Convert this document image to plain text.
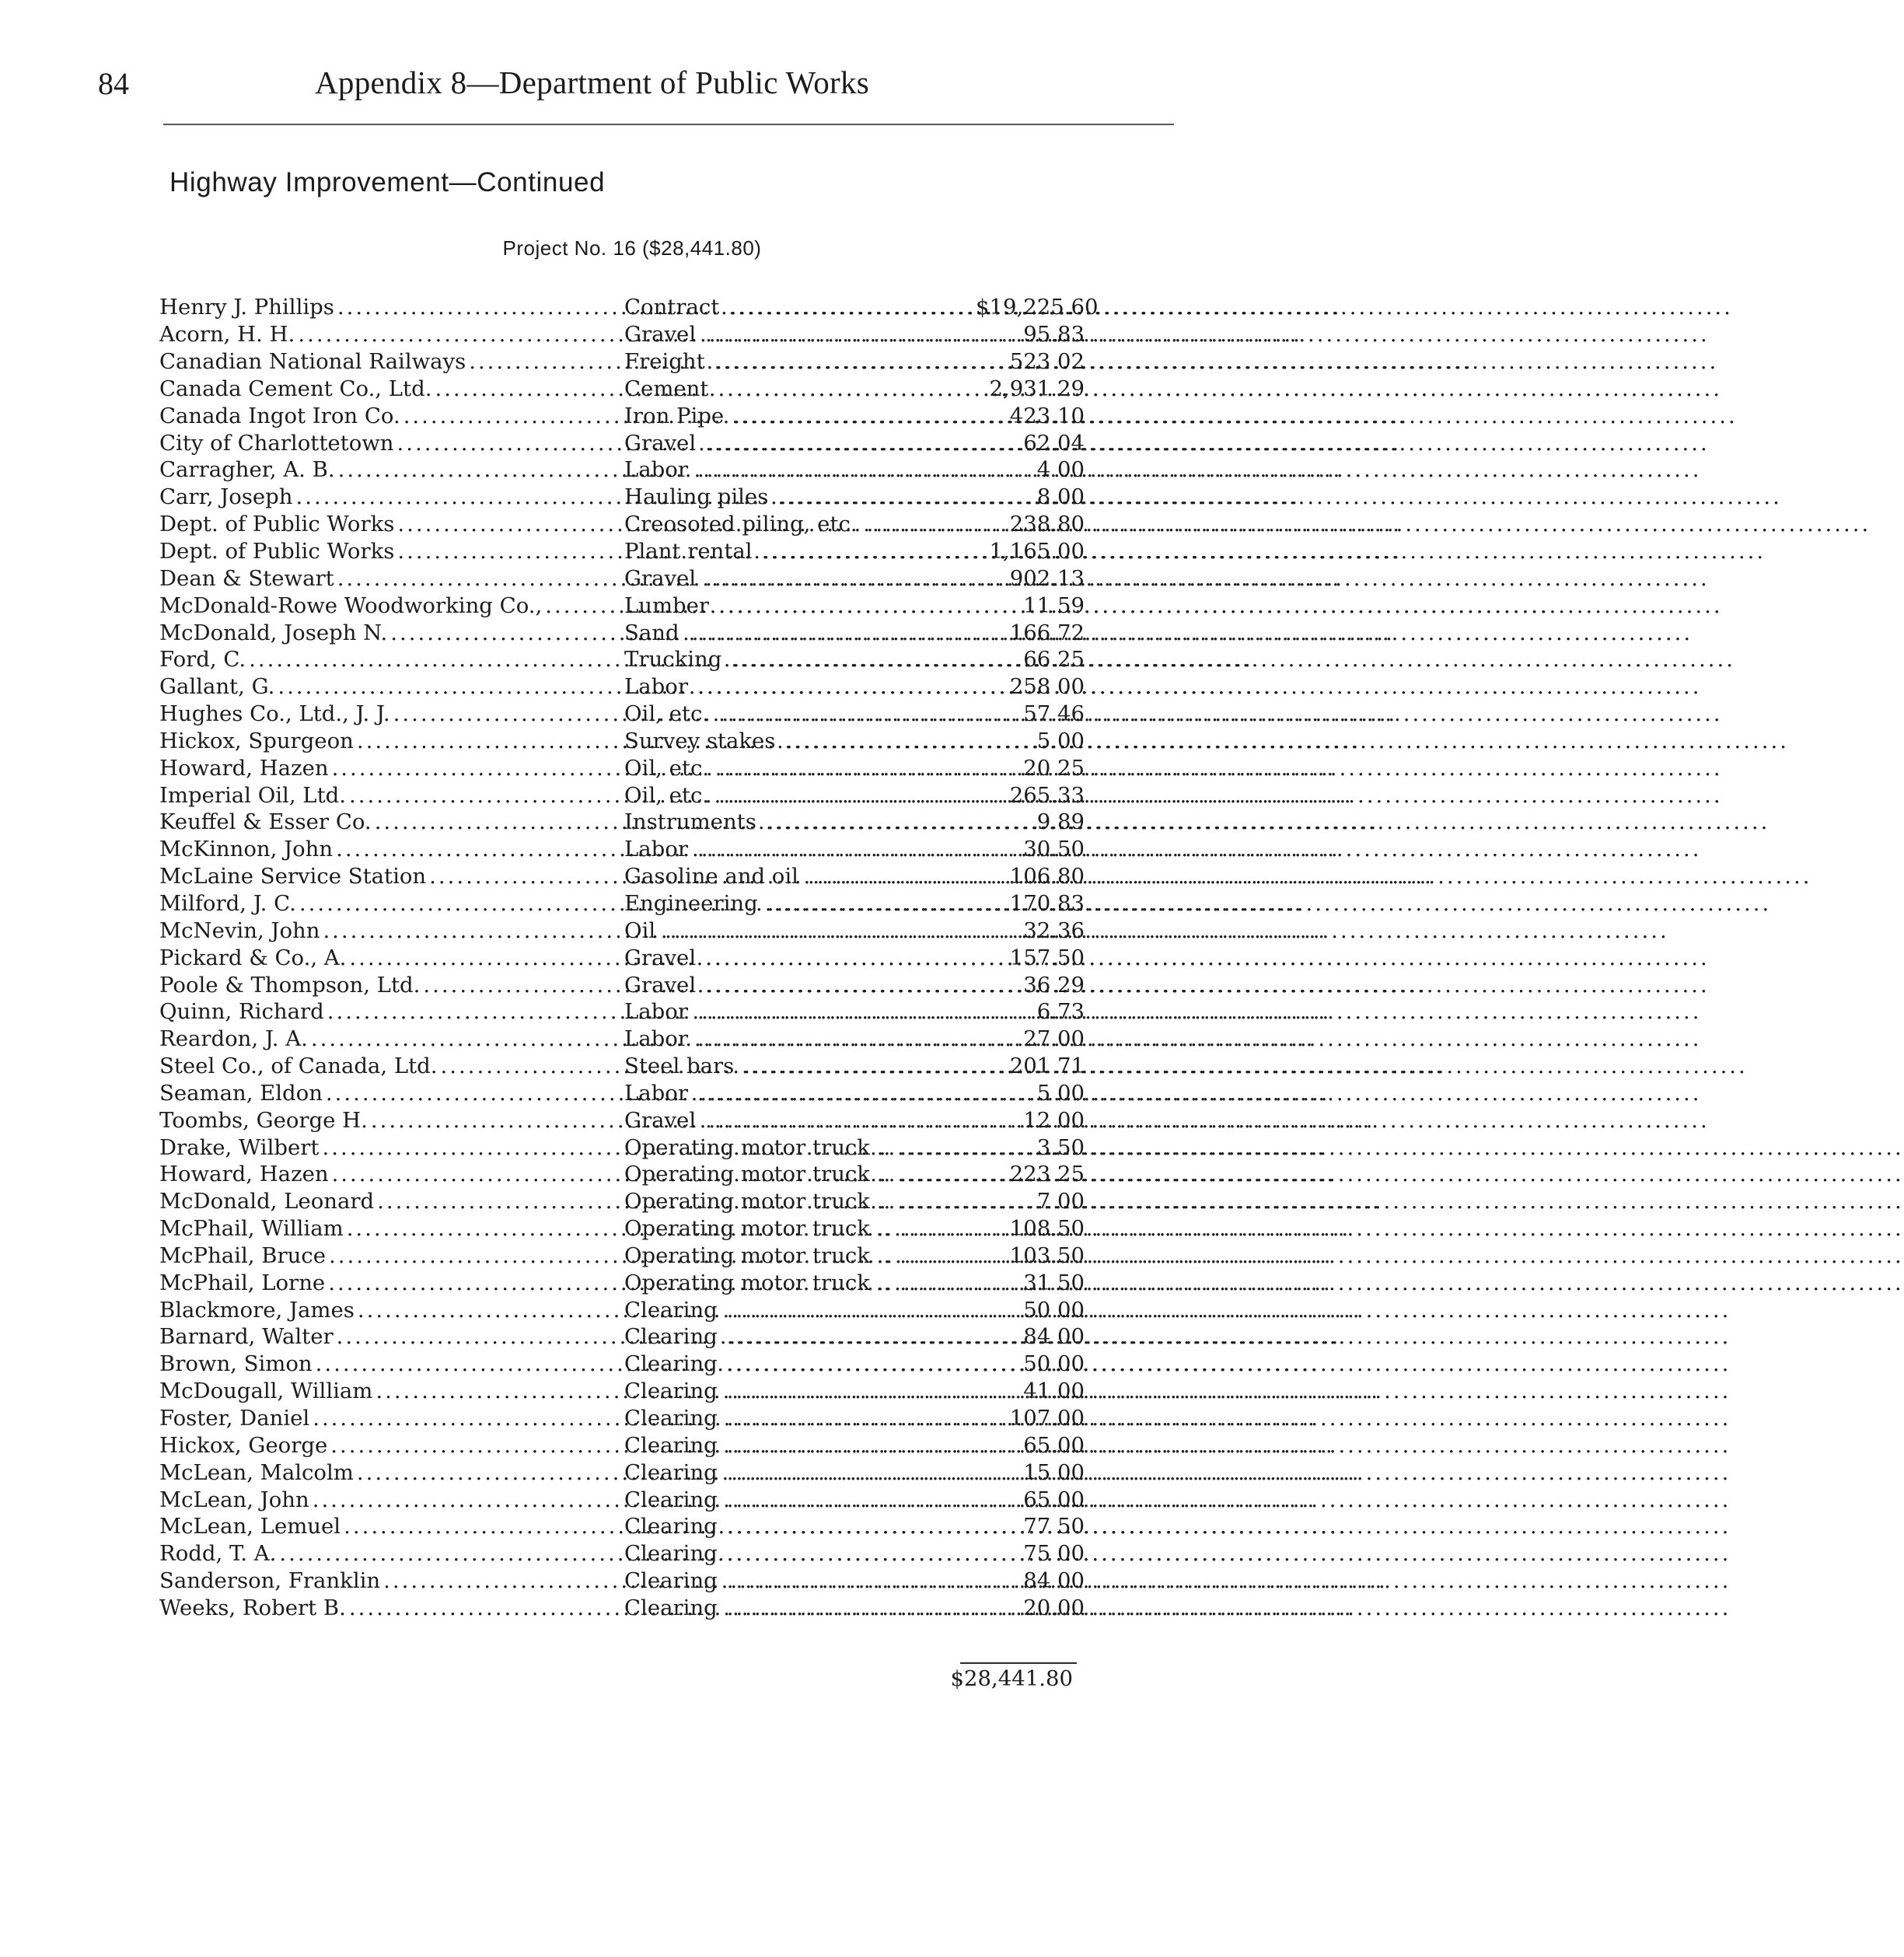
84	Appendix 8—Department of Public Works
Highway Improvement—Continued
Project No. 16 ($28,441.80)
Henry J. Phillips .....	Contract .....	$19,225.60
Acorn, H. H. .....	Gravel .....	95.83
Canadian National Railways .....	Freight .....	523 02
Canada Cement Co., Ltd. .....	Cement .....	2,931.29
Canada Ingot Iron Co. .....	Iron Pipe .....	423.10
City of Charlottetown .....	Gravel .....	62.04
Carragher, A. B. .....	Labor .....	4 00
Carr, Joseph .....	Hauling piles .....	8.00
Dept. of Public Works .....	Creosoted piling, etc. .....	238.80
Dept. of Public Works .....	Plant rental .....	1,165.00
Dean & Stewart .....	Gravel .....	902.13
McDonald-Rowe Woodworking Co., .....	Lumber .....	11.59
McDonald, Joseph N. .....	Sand .....	166.72
Ford, C. .....	Trucking .....	66.25
Gallant, G. .....	Labor .....	258 00
Hughes Co., Ltd., J. J. .....	Oil, etc. .....	57.46
Hickox, Spurgeon .....	Survey stakes .....	5.00
Howard, Hazen .....	Oil, etc. .....	20 25
Imperial Oil, Ltd. .....	Oil, etc. .....	265.33
Keuffel & Esser Co. .....	Instruments .....	9.89
McKinnon, John .....	Labor .....	30.50
McLaine Service Station .....	Gasoline and oil .....	106.80
Milford, J. C. .....	Engineering .....	170.83
McNevin, John .....	Oil .....	32.36
Pickard & Co., A. .....	Gravel .....	157.50
Poole & Thompson, Ltd. .....	Gravel .....	36 29
Quinn, Richard .....	Labor .....	6.73
Reardon, J. A. .....	Labor .....	27.00
Steel Co., of Canada, Ltd. .....	Steel bars .....	201 71
Seaman, Eldon .....	Labor .....	5 00
Toombs, George H. .....	Gravel .....	12 00
Drake, Wilbert .....	Operating motor truck .. .....	3.50
Howard, Hazen .....	Operating motor truck .. .....	223 25
McDonald, Leonard .....	Operating motor truck .. .....	7 00
McPhail, William .....	Operating motor truck .. .....	108.50
McPhail, Bruce .....	Operating motor truck .. .....	103.50
McPhail, Lorne .....	Operating motor truck .. .....	31 50
Blackmore, James .....	Clearing .....	50 00
Barnard, Walter .....	Clearing .....	84 00
Brown, Simon .....	Clearing .....	50.00
McDougall, William .....	Clearing .....	41.00
Foster, Daniel .....	Clearing .....	107.00
Hickox, George .....	Clearing .....	65.00
McLean, Malcolm .....	Clearing .....	15 00
McLean, John .....	Clearing .....	65.00
McLean, Lemuel .....	Clearing .....	77 50
Rodd, T. A. .....	Clearing .....	75 00
Sanderson, Franklin .....	Clearing .....	84 00
Weeks, Robert B. .....	Clearing .....	20.00
$28,441.80
